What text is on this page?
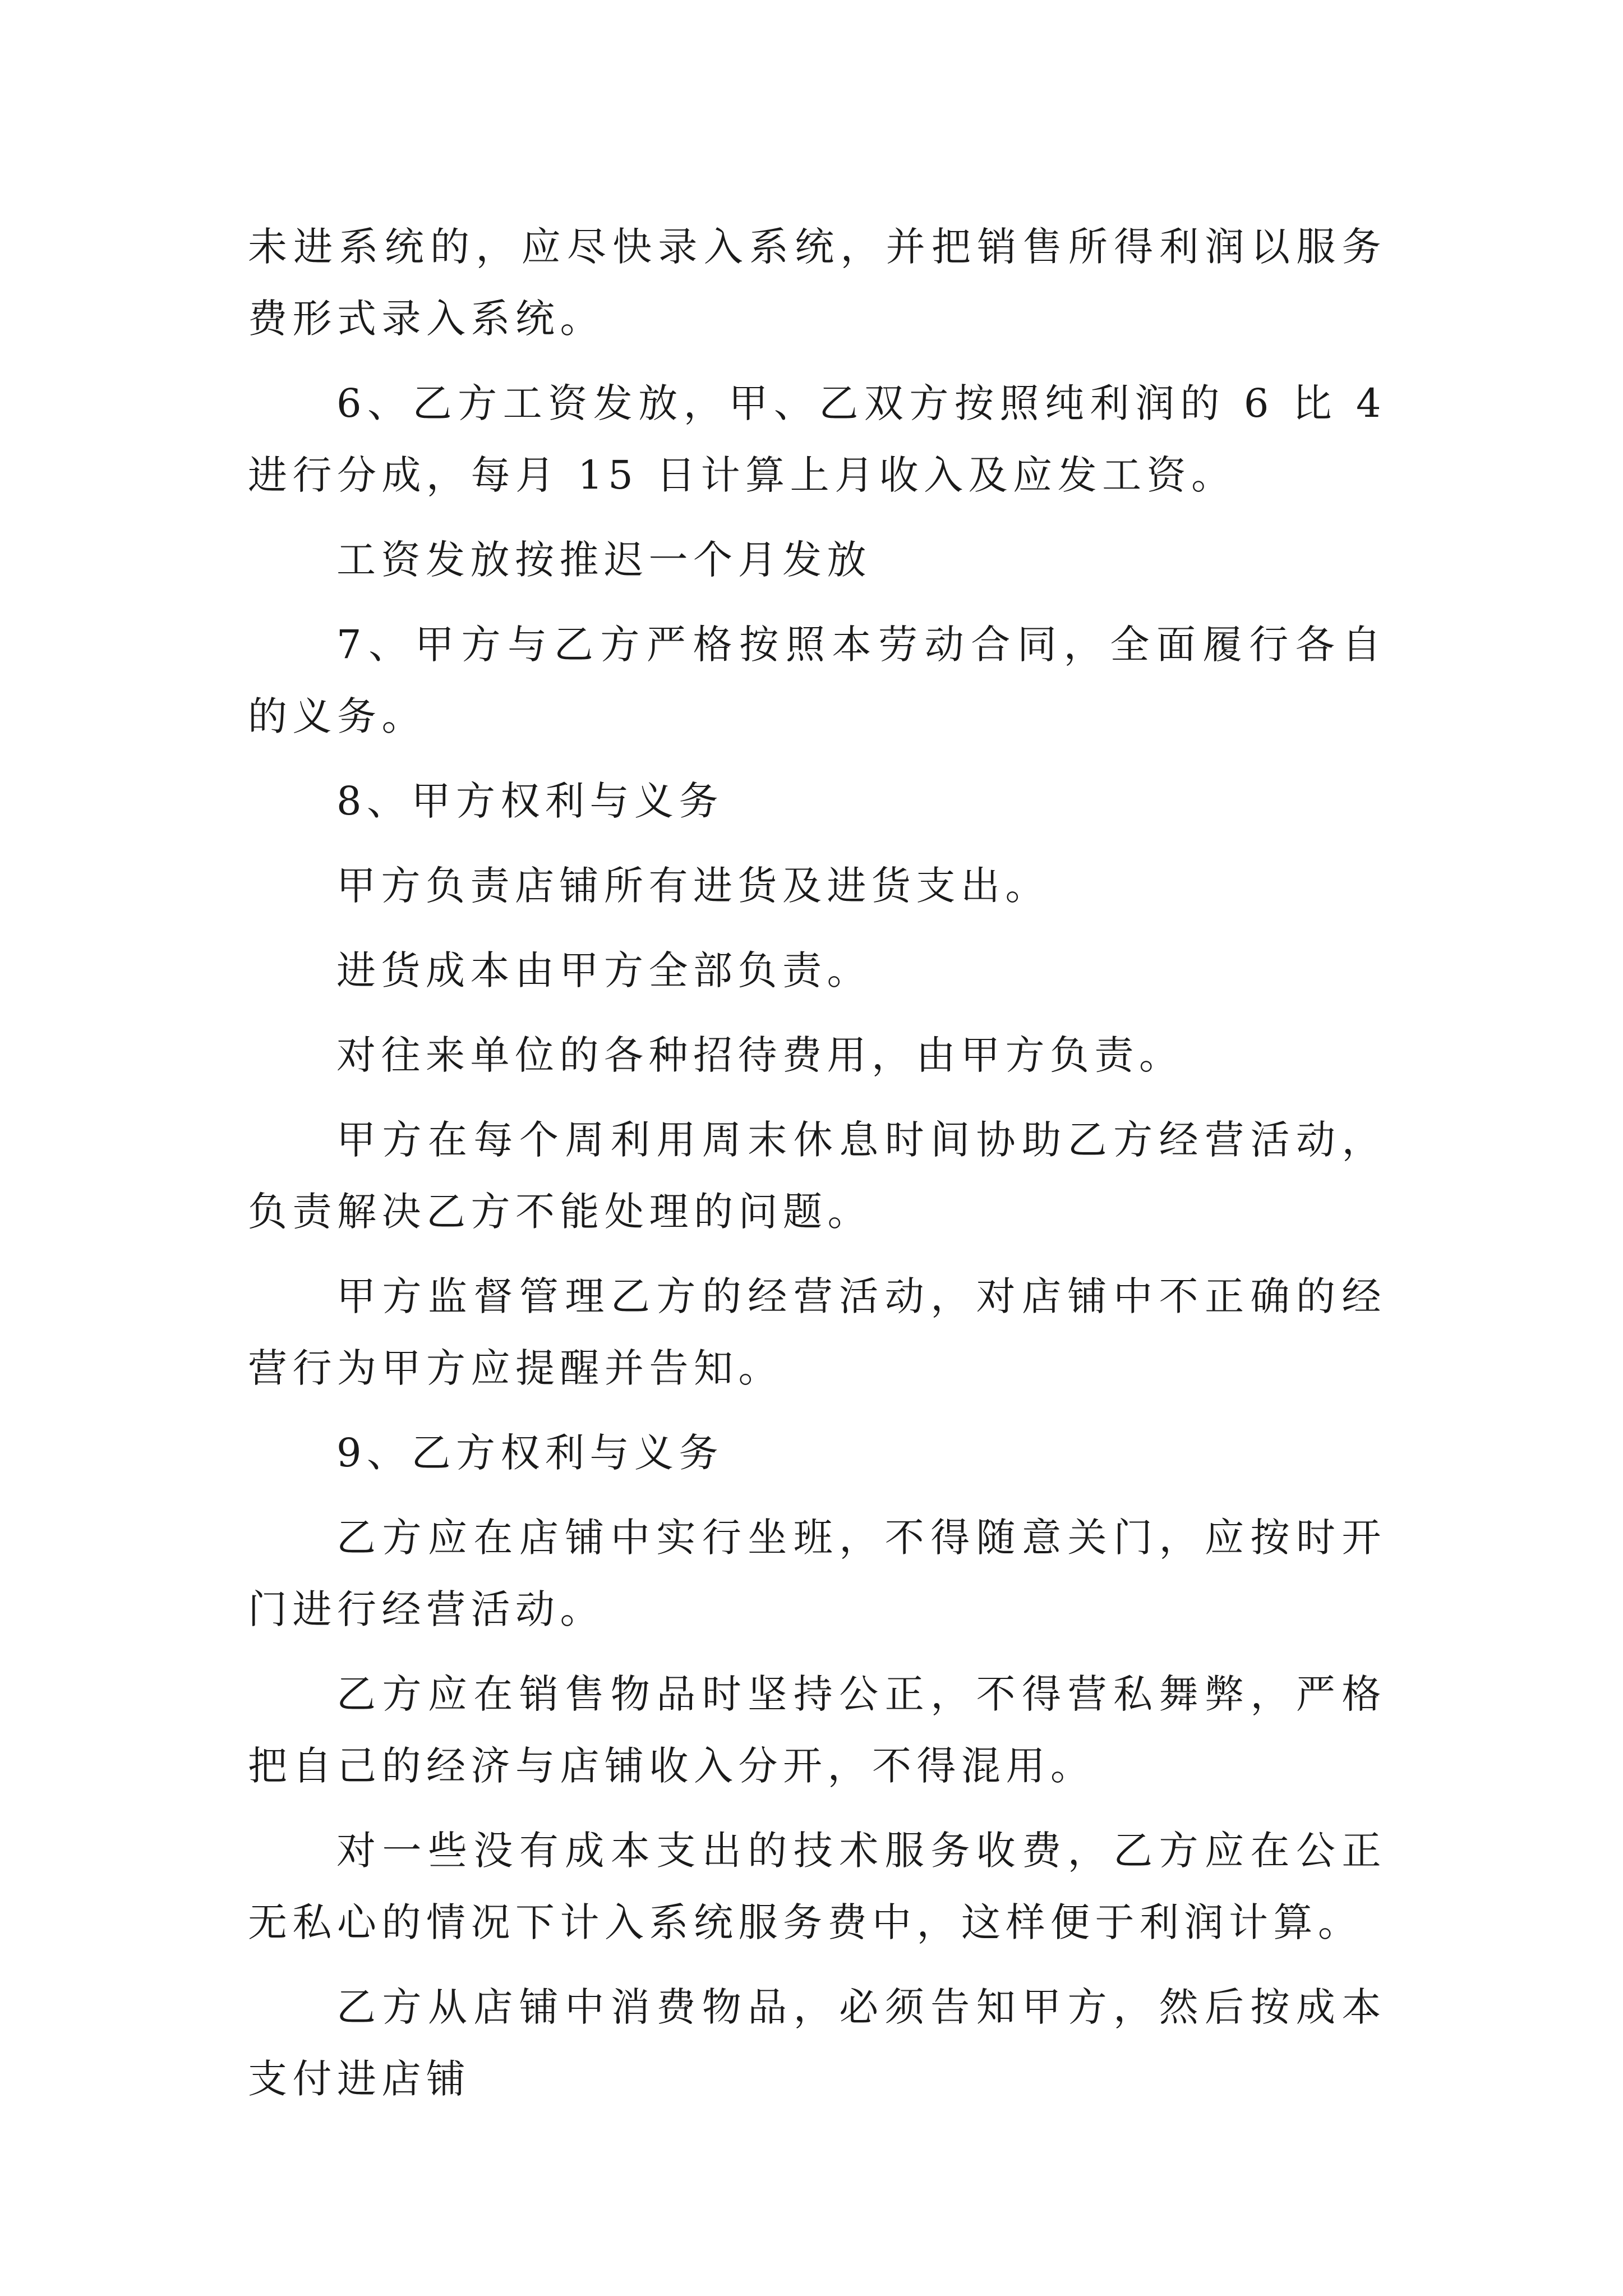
未进系统的，应尽快录入系统，并把销售所得利润以服务费形式录入系统。

6、乙方工资发放，甲、乙双方按照纯利润的 6 比 4 进行分成，每月 15 日计算上月收入及应发工资。

工资发放按推迟一个月发放

7、甲方与乙方严格按照本劳动合同，全面履行各自的义务。

8、甲方权利与义务

甲方负责店铺所有进货及进货支出。

进货成本由甲方全部负责。

对往来单位的各种招待费用，由甲方负责。

甲方在每个周利用周末休息时间协助乙方经营活动，负责解决乙方不能处理的问题。

甲方监督管理乙方的经营活动，对店铺中不正确的经营行为甲方应提醒并告知。

9、乙方权利与义务

乙方应在店铺中实行坐班，不得随意关门，应按时开门进行经营活动。

乙方应在销售物品时坚持公正，不得营私舞弊，严格把自己的经济与店铺收入分开，不得混用。

对一些没有成本支出的技术服务收费，乙方应在公正无私心的情况下计入系统服务费中，这样便于利润计算。

乙方从店铺中消费物品，必须告知甲方，然后按成本支付进店铺
